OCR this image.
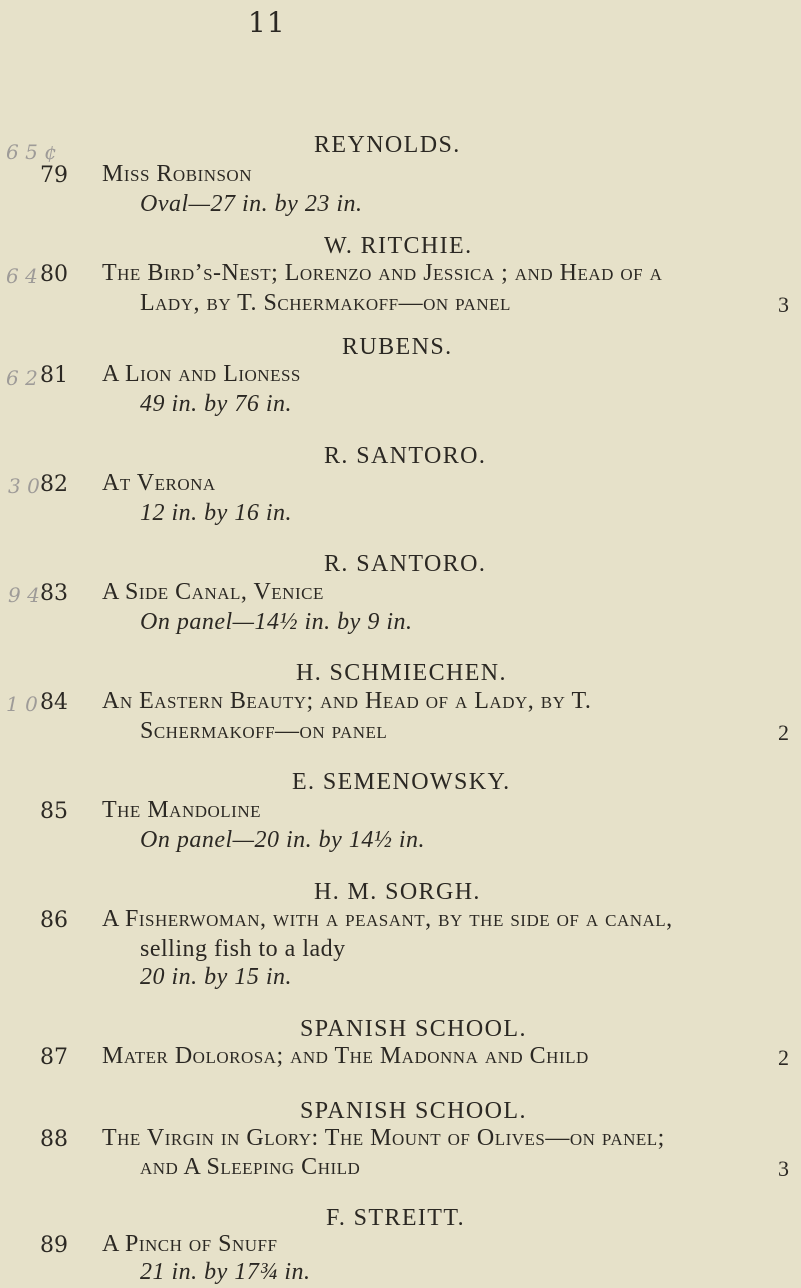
11
6 5 ¢	REYNOLDS.
79 Miss Robinson
Oval—27 in. by 23 in.
W. RITCHIE.
6 4 80 The Bird’s-Nest; Lorenzo and Jessica ; and Head of a
Lady, by T. Schermakoff—on panel	3
RUBENS.
6 2 81 A Lion and Lioness
49 in. by 76 in.
R. SANTORO.
3 0 82 At Verona
12 in. by 16 in.
R. SANTORO.
9 4 83 A Side Canal, Venice
On panel—14½ in. by 9 in.
H. SCHMIECHEN.
1 0 84 An Eastern Beauty; and Head of a Lady, by T.
Schermakoff—on panel	2
E. SEMENOWSKY.
85 The Mandoline
On panel—20 in. by 14½ in.
H. M. SORGH.
86 A Fisherwoman, with a peasant, by the side of a canal,
selling fish to a lady
20 in. by 15 in.
SPANISH SCHOOL.
87 Mater Dolorosa; and The Madonna and Child	2
SPANISH SCHOOL.
88 The Virgin in Glory: The Mount of Olives—on panel;
and A Sleeping Child	3
F. STREITT.
89 A Pinch of Snuff
21 in. by 17¾ in.
